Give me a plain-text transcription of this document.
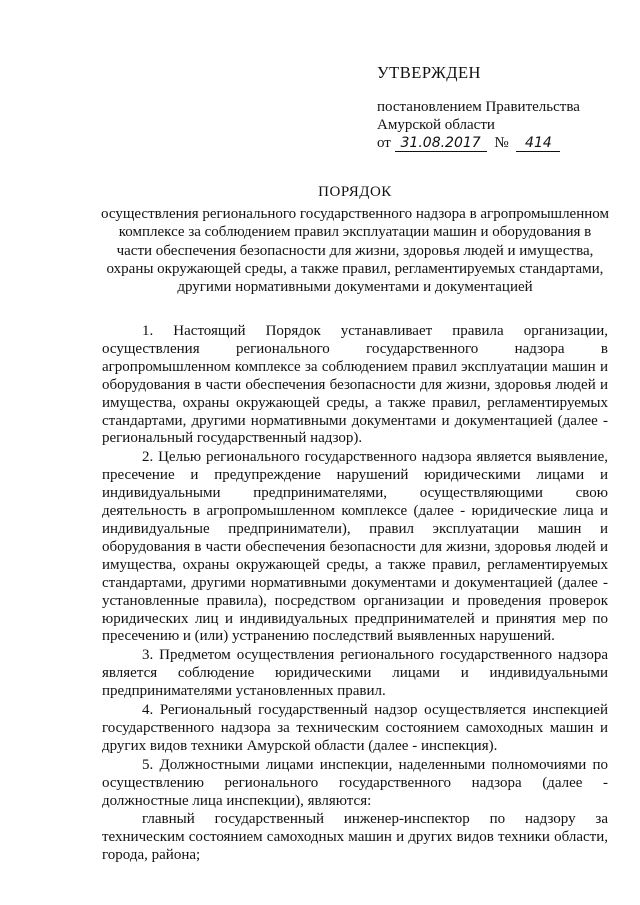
УТВЕРЖДЕН
постановлением Правительства
Амурской области
от 31.08.2017 № 414
ПОРЯДОК
осуществления регионального государственного надзора в агропромышленном комплексе за соблюдением правил эксплуатации машин и оборудования в части обеспечения безопасности для жизни, здоровья людей и имущества, охраны окружающей среды, а также правил, регламентируемых стандартами, другими нормативными документами и документацией

1. Настоящий Порядок устанавливает правила организации, осуществления регионального государственного надзора в агропромышленном комплексе за соблюдением правил эксплуатации машин и оборудования в части обеспечения безопасности для жизни, здоровья людей и имущества, охраны окружающей среды, а также правил, регламентируемых стандартами, другими нормативными документами и документацией (далее - региональный государственный надзор).

2. Целью регионального государственного надзора является выявление, пресечение и предупреждение нарушений юридическими лицами и индивидуальными предпринимателями, осуществляющими свою деятельность в агропромышленном комплексе (далее - юридические лица и индивидуальные предприниматели), правил эксплуатации машин и оборудования в части обеспечения безопасности для жизни, здоровья людей и имущества, охраны окружающей среды, а также правил, регламентируемых стандартами, другими нормативными документами и документацией (далее - установленные правила), посредством организации и проведения проверок юридических лиц и индивидуальных предпринимателей и принятия мер по пресечению и (или) устранению последствий выявленных нарушений.

3. Предметом осуществления регионального государственного надзора является соблюдение юридическими лицами и индивидуальными предпринимателями установленных правил.

4. Региональный государственный надзор осуществляется инспекцией государственного надзора за техническим состоянием самоходных машин и других видов техники Амурской области (далее - инспекция).

5. Должностными лицами инспекции, наделенными полномочиями по осуществлению регионального государственного надзора (далее - должностные лица инспекции), являются:

главный государственный инженер-инспектор по надзору за техническим состоянием самоходных машин и других видов техники области, города, района;
